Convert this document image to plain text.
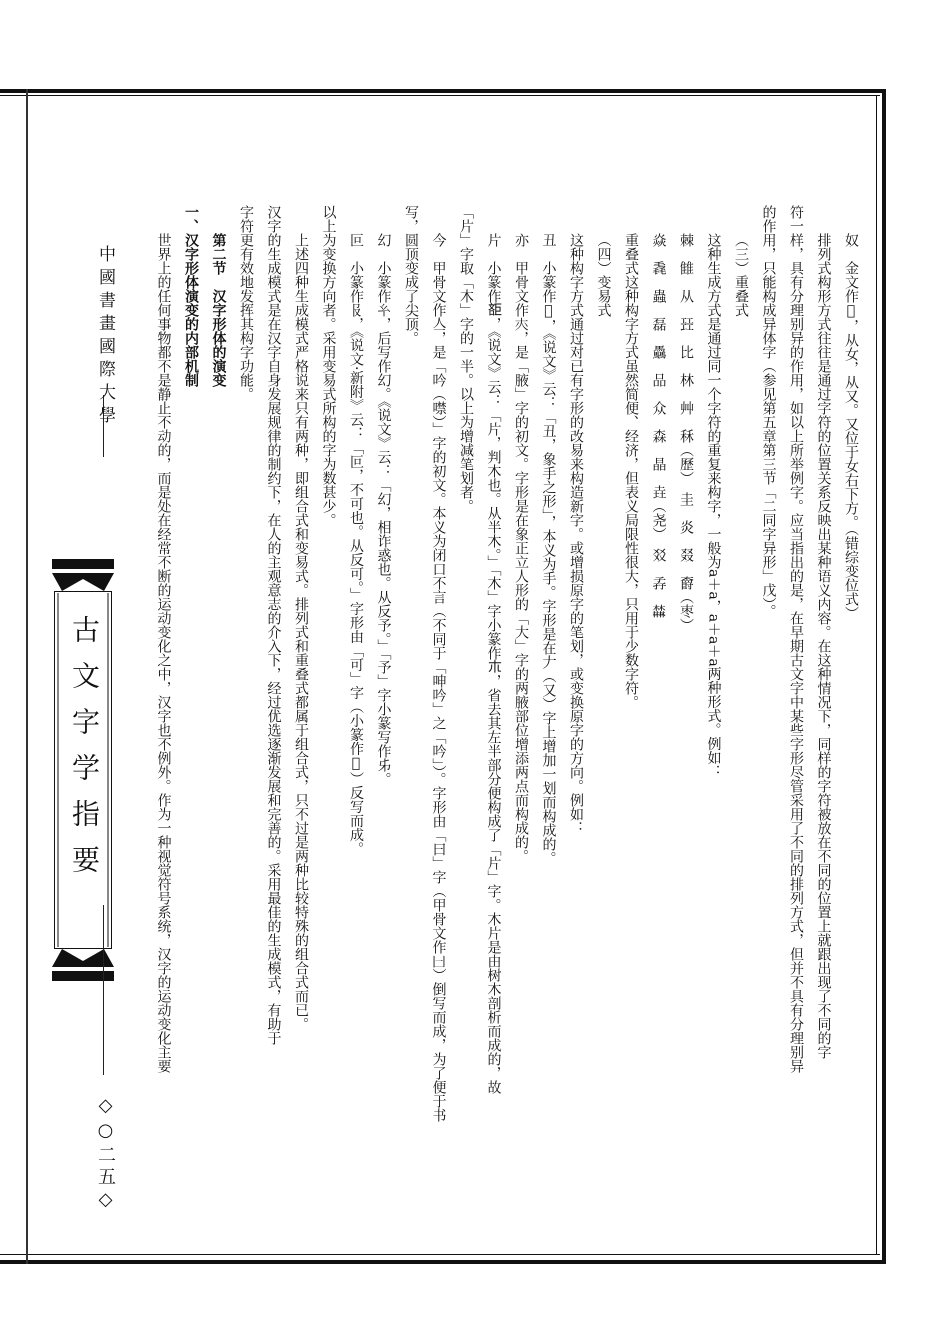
中國書畫國際大學
古文字学指要
◇○二五◇
奴　金文作𡚤，从女，从又。又位于女右下方。（错综变位式）
排列式构形方式往往是通过字符的位置关系反映出某种语义内容。在这种情况下，同样的字符被放在不同的位置上就跟出现了不同的字
符一样，具有分理别异的作用，如以上所举例字。应当指出的是，在早期古文字中某些字形尽管采用了不同的排列方式，但并不具有分理别异
的作用，只能构成异体字（参见第五章第三节「二同字异形」戊）。
（三）重叠式
这种生成方式是通过同一个字符的重复来构字，一般为a＋a，a＋a＋a两种形式。例如：
棘　雔　从　㠭　比　林　艸　秝（歷）　圭　炎　叕　𣝣（枣）
焱　毳　蟲　磊　驫　品　众　森　晶　垚（尧）　㸚　孨　𣡕
重叠式这种构字方式虽然简便、经济，但表义局限性很大，只用于少数字符。
（四）变易式
这种构字方式通过对已有字形的改易来构造新字。或增损原字的笔划，或变换原字的方向。例如：
丑　小篆作𠃧，《说文》云：「丑，象手之形」，本义为手。字形是在𠂇（又）字上增加一划而构成的。
亦　甲骨文作𡗕，是「腋」字的初文。字形是在象正立人形的「大」字的两腋部位增添两点而构成的。
片　小篆作𣁔，《说文》云：「片，判木也。从半木。」「木」字小篆作𣎳，省去其左半部分便构成了「片」字。木片是由树木剖析而成的，故
「片」字取「木」字的一半。以上为增减笔划者。
今　甲骨文作亼，是「吟（噤）」字的初文。本义为闭口不言（不同于「呻吟」之「吟」）。字形由「曰」字（甲骨文作𠙵）倒写而成，为了便于书
写，圆顶变成了尖顶。
幻　小篆作𢆯，后写作幻。《说文》云：「幻，相诈惑也。从反予。」「予」字小篆写作𠂔。
叵　小篆作𠬝，《说文·新附》云：「叵，不可也。从反可。」字形由「可」字（小篆作𠀉）反写而成。
以上为变换方向者。采用变易式所构的字为数甚少。
上述四种生成模式严格说来只有两种，即组合式和变易式。排列式和重叠式都属于组合式，只不过是两种比较特殊的组合式而已。
汉字的生成模式是在汉字自身发展规律的制约下，在人的主观意志的介入下，经过优选逐渐发展和完善的。采用最佳的生成模式，有助于
字符更有效地发挥其构字功能。
第二节　汉字形体的演变
一、汉字形体演变的内部机制
世界上的任何事物都不是静止不动的，而是处在经常不断的运动变化之中，汉字也不例外。作为一种视觉符号系统，汉字的运动变化主要
